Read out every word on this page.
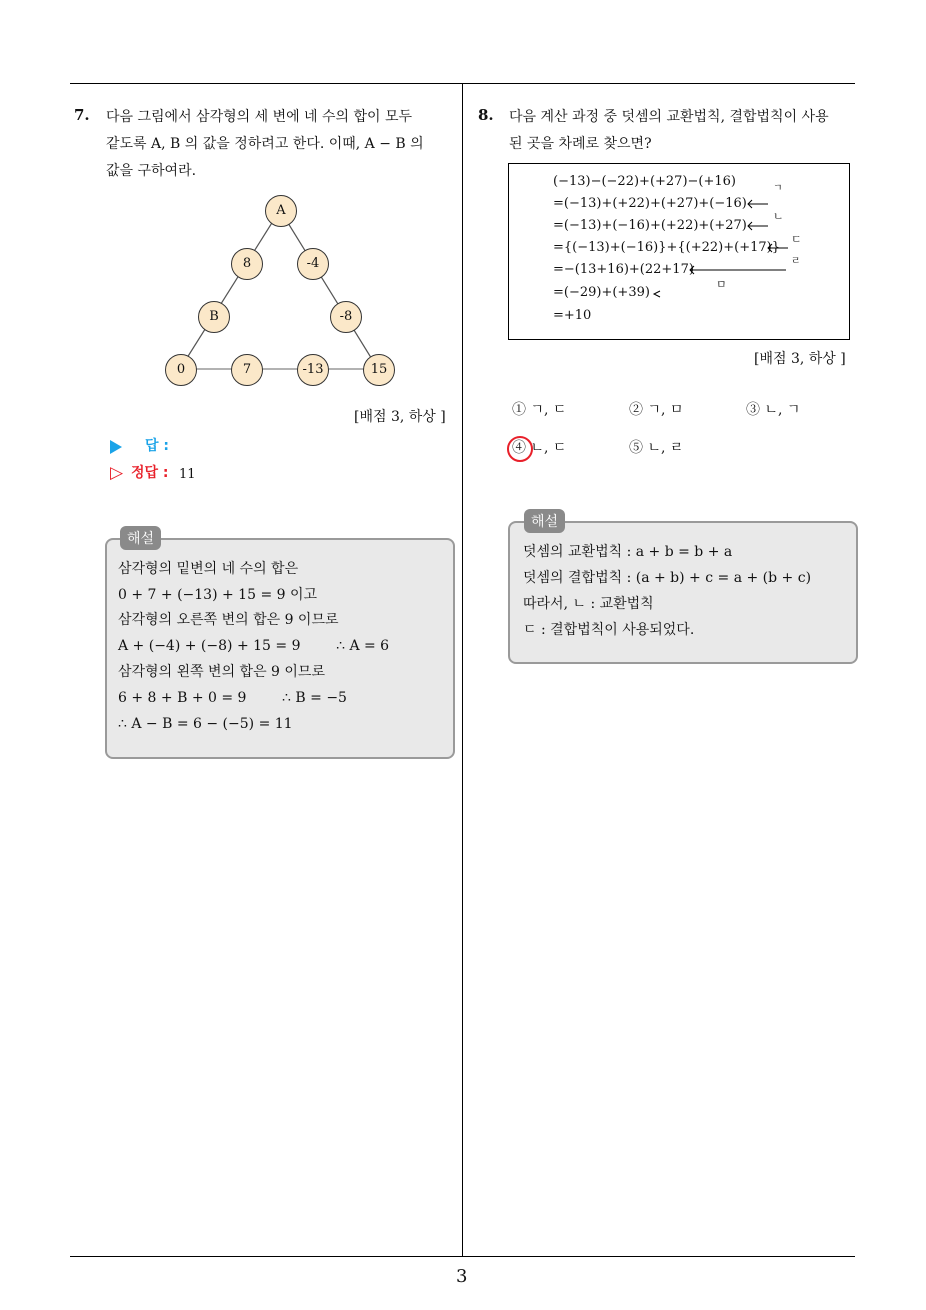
3
7. 다음 그림에서 삼각형의 세 변에 네 수의 합이 모두
같도록 A, B 의 값을 정하려고 한다. 이때, A − B 의
값을 구하여라.
A
8	-4
B	-8
0	7	-13	15
[배점 3, 하상 ]
답 :
▷ 정답 : 11
해설
삼각형의 밑변의 네 수의 합은
0 + 7 + (−13) + 15 = 9 이고
삼각형의 오른쪽 변의 합은 9 이므로
A + (−4) + (−8) + 15 = 9        ∴ A = 6
삼각형의 왼쪽 변의 합은 9 이므로
6 + 8 + B + 0 = 9        ∴ B = −5
∴ A − B = 6 − (−5) = 11
8. 다음 계산 과정 중 덧셈의 교환법칙, 결합법칙이 사용
된 곳을 차례로 찾으면?
(−13)−(−22)+(+27)−(+16)
=(−13)+(+22)+(+27)+(−16)
=(−13)+(−16)+(+22)+(+27)
={(−13)+(−16)}+{(+22)+(+17)}
=−(13+16)+(22+17)
=(−29)+(+39)
=+10
ㄱ
ㄴ
ㄷ
ㄹ
ㅁ
[배점 3, 하상 ]
① ㄱ, ㄷ	② ㄱ, ㅁ	③ ㄴ, ㄱ
④ ㄴ, ㄷ	⑤ ㄴ, ㄹ
해설
덧셈의 교환법칙 : a + b = b + a
덧셈의 결합법칙 : (a + b) + c = a + (b + c)
따라서, ㄴ : 교환법칙
ㄷ : 결합법칙이 사용되었다.
